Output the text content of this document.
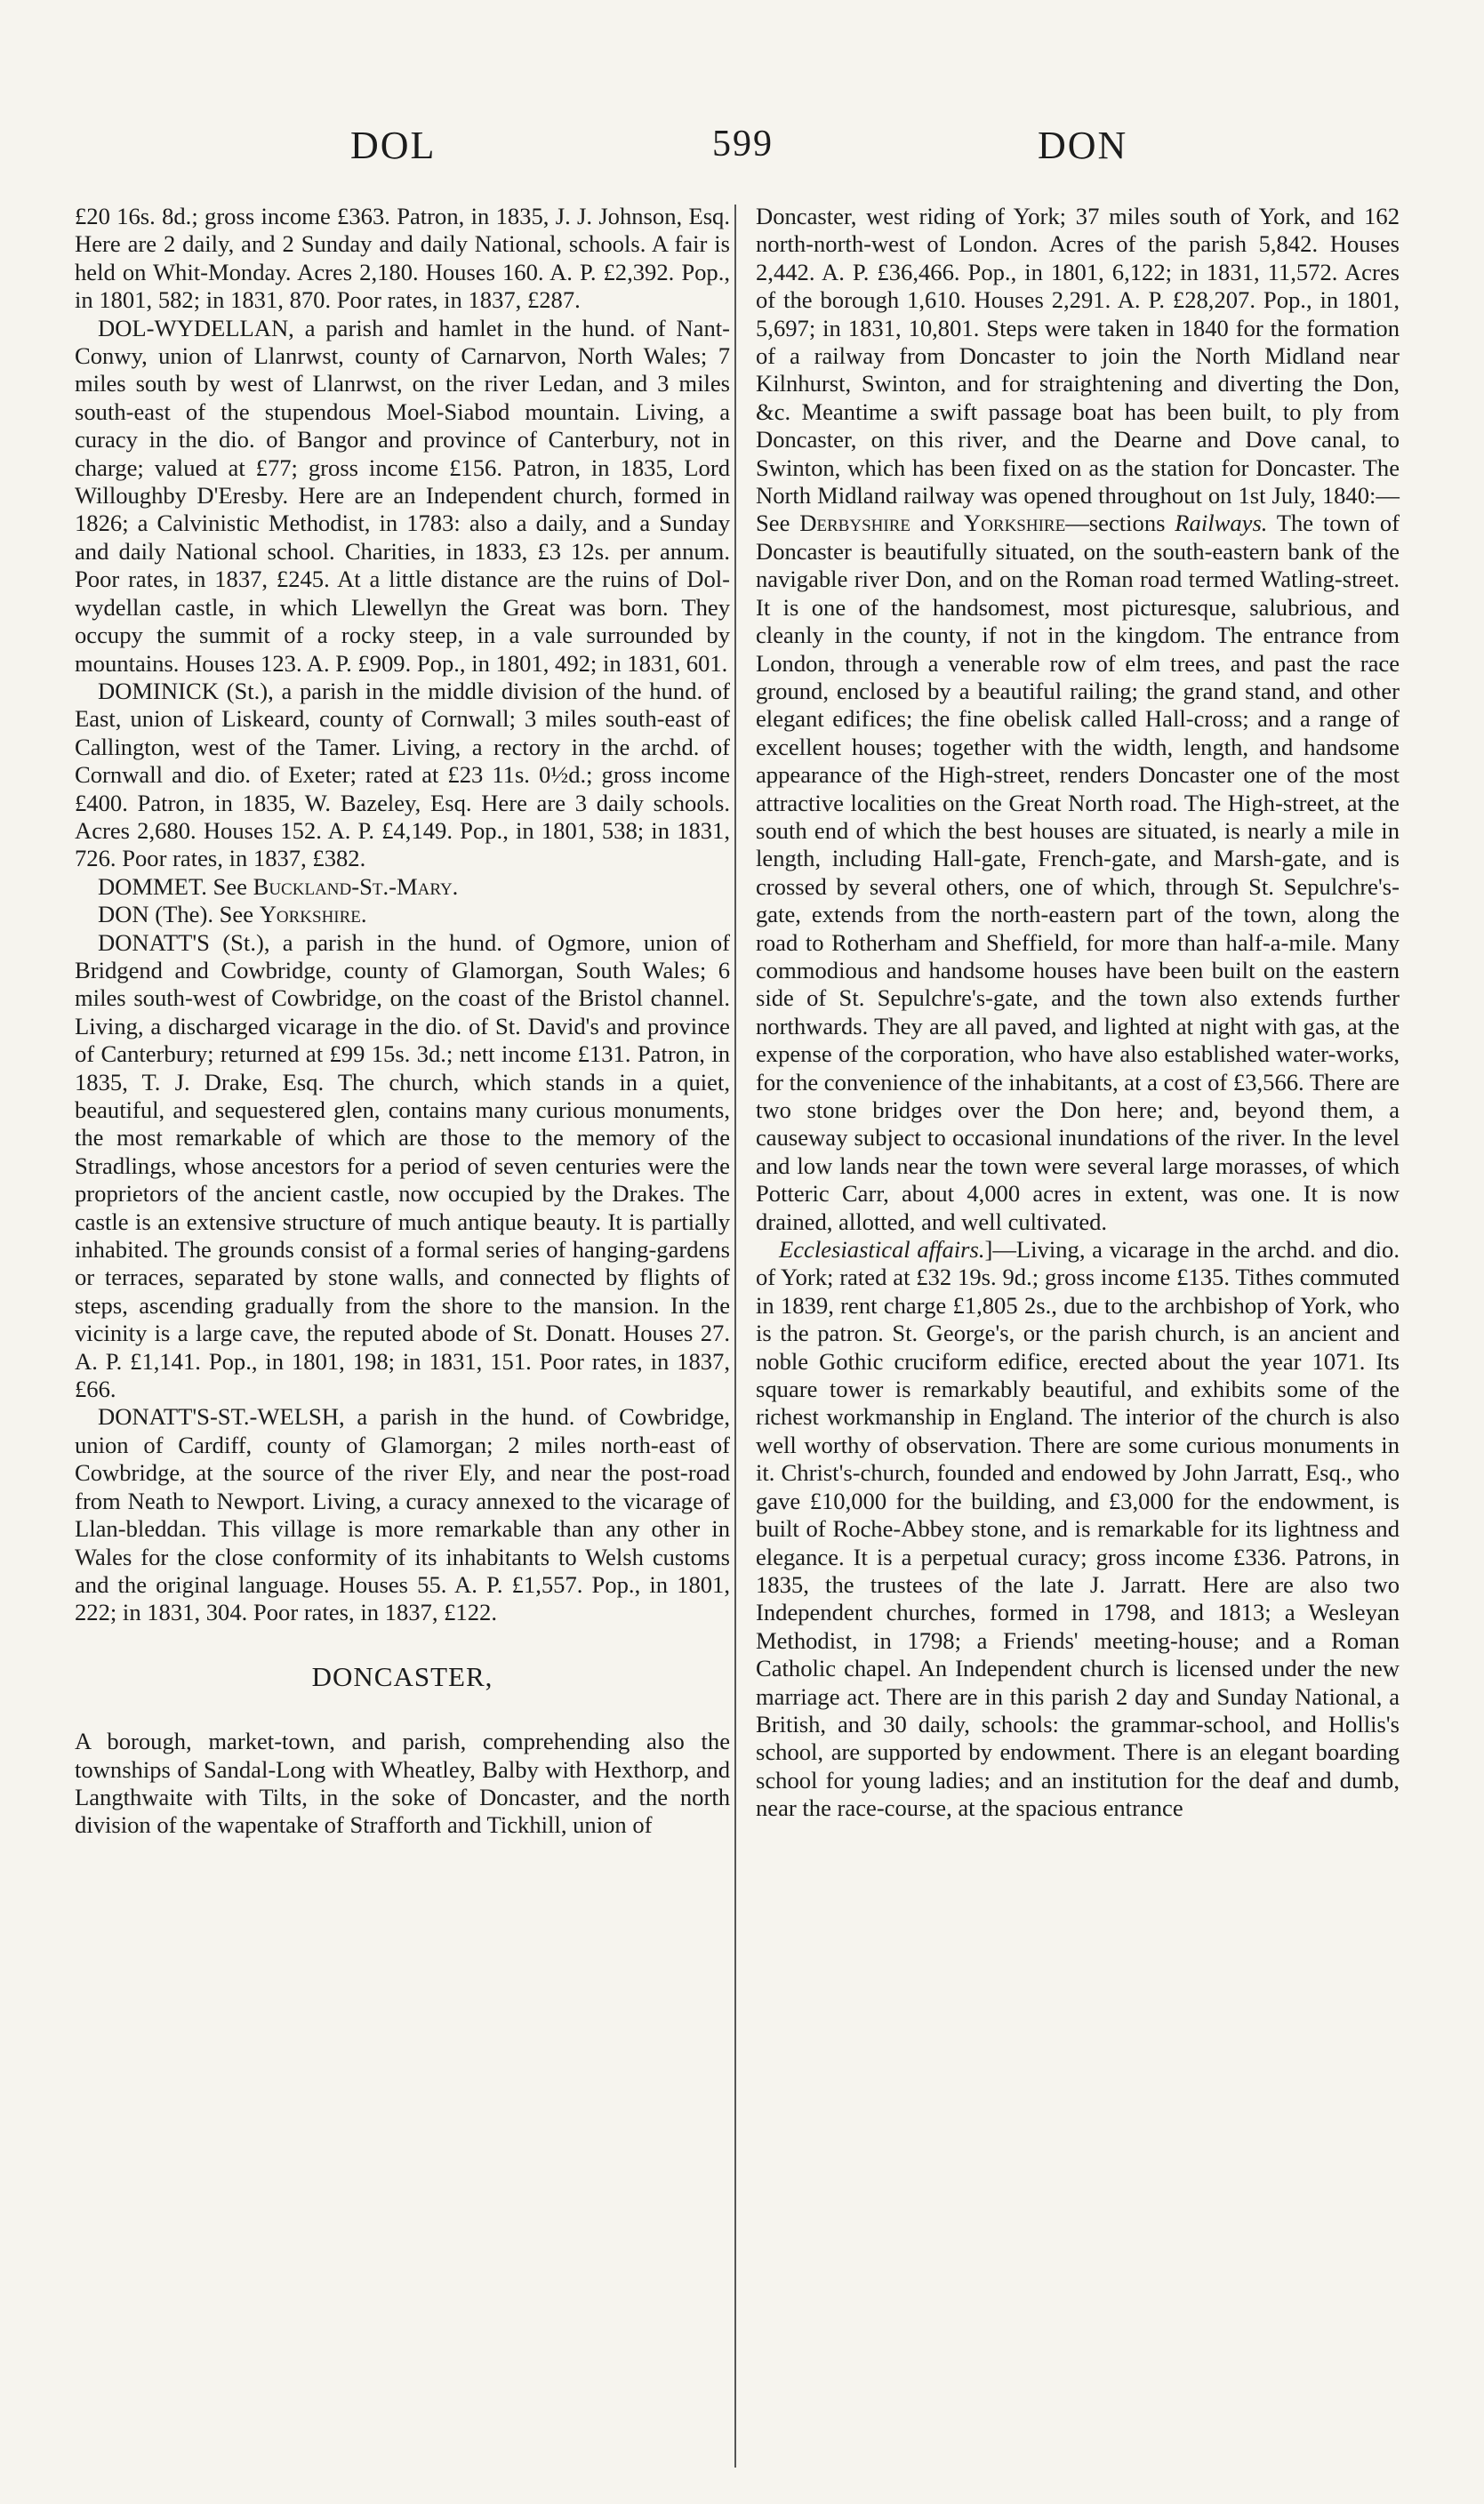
DOL	599	DON

£20 16s. 8d.; gross income £363. Patron, in 1835, J. J. Johnson, Esq. Here are 2 daily, and 2 Sunday and daily National, schools. A fair is held on Whit-Monday. Acres 2,180. Houses 160. A. P. £2,392. Pop., in 1801, 582; in 1831, 870. Poor rates, in 1837, £287.

DOL-WYDELLAN, a parish and hamlet in the hund. of Nant-Conwy, union of Llanrwst, county of Carnarvon, North Wales; 7 miles south by west of Llanrwst, on the river Ledan, and 3 miles south-east of the stupendous Moel-Siabod mountain. Living, a curacy in the dio. of Bangor and province of Canterbury, not in charge; valued at £77; gross income £156. Patron, in 1835, Lord Willoughby D'Eresby. Here are an Independent church, formed in 1826; a Calvinistic Methodist, in 1783: also a daily, and a Sunday and daily National school. Charities, in 1833, £3 12s. per annum. Poor rates, in 1837, £245. At a little distance are the ruins of Dol-wydellan castle, in which Llewellyn the Great was born. They occupy the summit of a rocky steep, in a vale surrounded by mountains. Houses 123. A. P. £909. Pop., in 1801, 492; in 1831, 601.

DOMINICK (St.), a parish in the middle division of the hund. of East, union of Liskeard, county of Cornwall; 3 miles south-east of Callington, west of the Tamer. Living, a rectory in the archd. of Cornwall and dio. of Exeter; rated at £23 11s. 0½d.; gross income £400. Patron, in 1835, W. Bazeley, Esq. Here are 3 daily schools. Acres 2,680. Houses 152. A. P. £4,149. Pop., in 1801, 538; in 1831, 726. Poor rates, in 1837, £382.

DOMMET. See Buckland-St.-Mary.

DON (The). See Yorkshire.

DONATT'S (St.), a parish in the hund. of Ogmore, union of Bridgend and Cowbridge, county of Glamorgan, South Wales; 6 miles south-west of Cowbridge, on the coast of the Bristol channel. Living, a discharged vicarage in the dio. of St. David's and province of Canterbury; returned at £99 15s. 3d.; nett income £131. Patron, in 1835, T. J. Drake, Esq. The church, which stands in a quiet, beautiful, and sequestered glen, contains many curious monuments, the most remarkable of which are those to the memory of the Stradlings, whose ancestors for a period of seven centuries were the proprietors of the ancient castle, now occupied by the Drakes. The castle is an extensive structure of much antique beauty. It is partially inhabited. The grounds consist of a formal series of hanging-gardens or terraces, separated by stone walls, and connected by flights of steps, ascending gradually from the shore to the mansion. In the vicinity is a large cave, the reputed abode of St. Donatt. Houses 27. A. P. £1,141. Pop., in 1801, 198; in 1831, 151. Poor rates, in 1837, £66.

DONATT'S-ST.-WELSH, a parish in the hund. of Cowbridge, union of Cardiff, county of Glamorgan; 2 miles north-east of Cowbridge, at the source of the river Ely, and near the post-road from Neath to Newport. Living, a curacy annexed to the vicarage of Llan-bleddan. This village is more remarkable than any other in Wales for the close conformity of its inhabitants to Welsh customs and the original language. Houses 55. A. P. £1,557. Pop., in 1801, 222; in 1831, 304. Poor rates, in 1837, £122.

DONCASTER,

A borough, market-town, and parish, comprehending also the townships of Sandal-Long with Wheatley, Balby with Hexthorp, and Langthwaite with Tilts, in the soke of Doncaster, and the north division of the wapentake of Strafforth and Tickhill, union of

Doncaster, west riding of York; 37 miles south of York, and 162 north-north-west of London. Acres of the parish 5,842. Houses 2,442. A. P. £36,466. Pop., in 1801, 6,122; in 1831, 11,572. Acres of the borough 1,610. Houses 2,291. A. P. £28,207. Pop., in 1801, 5,697; in 1831, 10,801. Steps were taken in 1840 for the formation of a railway from Doncaster to join the North Midland near Kilnhurst, Swinton, and for straightening and diverting the Don, &c. Meantime a swift passage boat has been built, to ply from Doncaster, on this river, and the Dearne and Dove canal, to Swinton, which has been fixed on as the station for Doncaster. The North Midland railway was opened throughout on 1st July, 1840:—See Derbyshire and Yorkshire—sections Railways. The town of Doncaster is beautifully situated, on the south-eastern bank of the navigable river Don, and on the Roman road termed Watling-street. It is one of the handsomest, most picturesque, salubrious, and cleanly in the county, if not in the kingdom. The entrance from London, through a venerable row of elm trees, and past the race ground, enclosed by a beautiful railing; the grand stand, and other elegant edifices; the fine obelisk called Hall-cross; and a range of excellent houses; together with the width, length, and handsome appearance of the High-street, renders Doncaster one of the most attractive localities on the Great North road. The High-street, at the south end of which the best houses are situated, is nearly a mile in length, including Hall-gate, French-gate, and Marsh-gate, and is crossed by several others, one of which, through St. Sepulchre's-gate, extends from the north-eastern part of the town, along the road to Rotherham and Sheffield, for more than half-a-mile. Many commodious and handsome houses have been built on the eastern side of St. Sepulchre's-gate, and the town also extends further northwards. They are all paved, and lighted at night with gas, at the expense of the corporation, who have also established water-works, for the convenience of the inhabitants, at a cost of £3,566. There are two stone bridges over the Don here; and, beyond them, a causeway subject to occasional inundations of the river. In the level and low lands near the town were several large morasses, of which Potteric Carr, about 4,000 acres in extent, was one. It is now drained, allotted, and well cultivated.

Ecclesiastical affairs.]—Living, a vicarage in the archd. and dio. of York; rated at £32 19s. 9d.; gross income £135. Tithes commuted in 1839, rent charge £1,805 2s., due to the archbishop of York, who is the patron. St. George's, or the parish church, is an ancient and noble Gothic cruciform edifice, erected about the year 1071. Its square tower is remarkably beautiful, and exhibits some of the richest workmanship in England. The interior of the church is also well worthy of observation. There are some curious monuments in it. Christ's-church, founded and endowed by John Jarratt, Esq., who gave £10,000 for the building, and £3,000 for the endowment, is built of Roche-Abbey stone, and is remarkable for its lightness and elegance. It is a perpetual curacy; gross income £336. Patrons, in 1835, the trustees of the late J. Jarratt. Here are also two Independent churches, formed in 1798, and 1813; a Wesleyan Methodist, in 1798; a Friends' meeting-house; and a Roman Catholic chapel. An Independent church is licensed under the new marriage act. There are in this parish 2 day and Sunday National, a British, and 30 daily, schools: the grammar-school, and Hollis's school, are supported by endowment. There is an elegant boarding school for young ladies; and an institution for the deaf and dumb, near the race-course, at the spacious entrance
